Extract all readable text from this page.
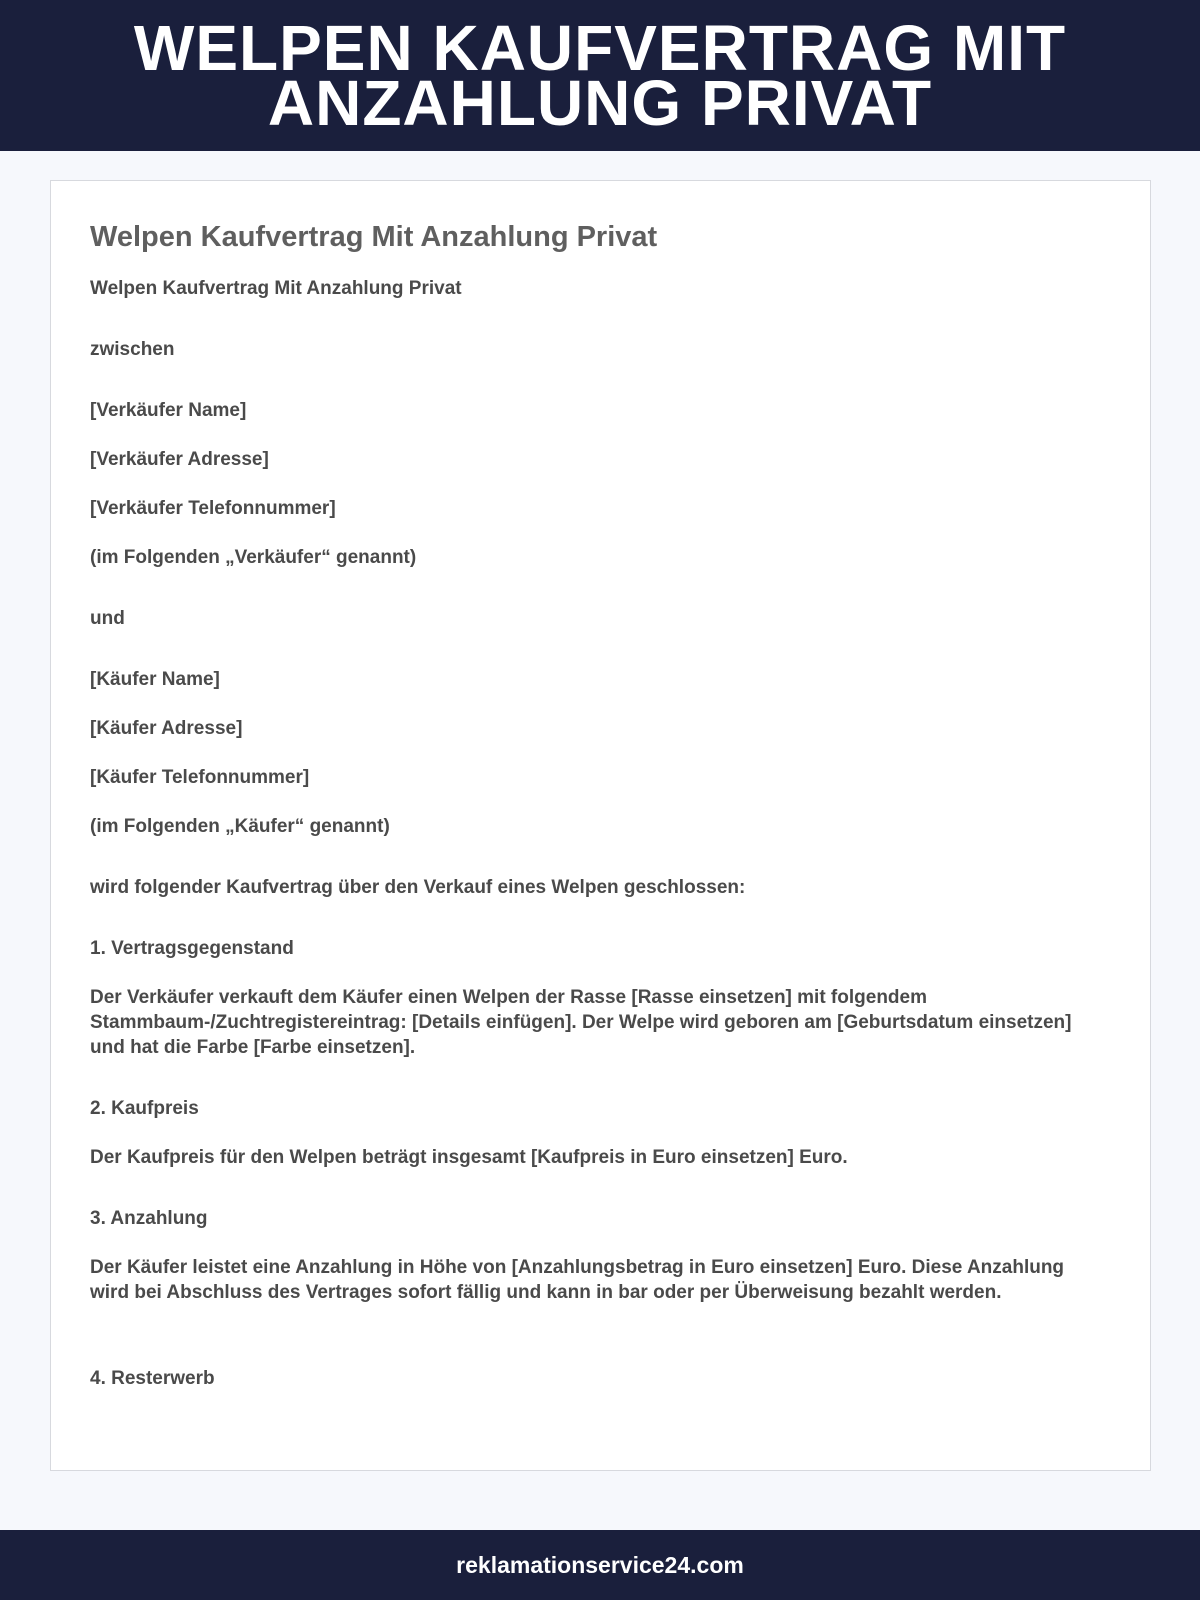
WELPEN KAUFVERTRAG MIT ANZAHLUNG PRIVAT
Welpen Kaufvertrag Mit Anzahlung Privat
Welpen Kaufvertrag Mit Anzahlung Privat
zwischen
[Verkäufer Name]
[Verkäufer Adresse]
[Verkäufer Telefonnummer]
(im Folgenden „Verkäufer“ genannt)
und
[Käufer Name]
[Käufer Adresse]
[Käufer Telefonnummer]
(im Folgenden „Käufer“ genannt)
wird folgender Kaufvertrag über den Verkauf eines Welpen geschlossen:
1. Vertragsgegenstand
Der Verkäufer verkauft dem Käufer einen Welpen der Rasse [Rasse einsetzen] mit folgendem Stammbaum-/Zuchtregistereintrag: [Details einfügen]. Der Welpe wird geboren am [Geburtsdatum einsetzen] und hat die Farbe [Farbe einsetzen].
2. Kaufpreis
Der Kaufpreis für den Welpen beträgt insgesamt [Kaufpreis in Euro einsetzen] Euro.
3. Anzahlung
Der Käufer leistet eine Anzahlung in Höhe von [Anzahlungsbetrag in Euro einsetzen] Euro. Diese Anzahlung wird bei Abschluss des Vertrages sofort fällig und kann in bar oder per Überweisung bezahlt werden.
4. Resterwerb
reklamationservice24.com
